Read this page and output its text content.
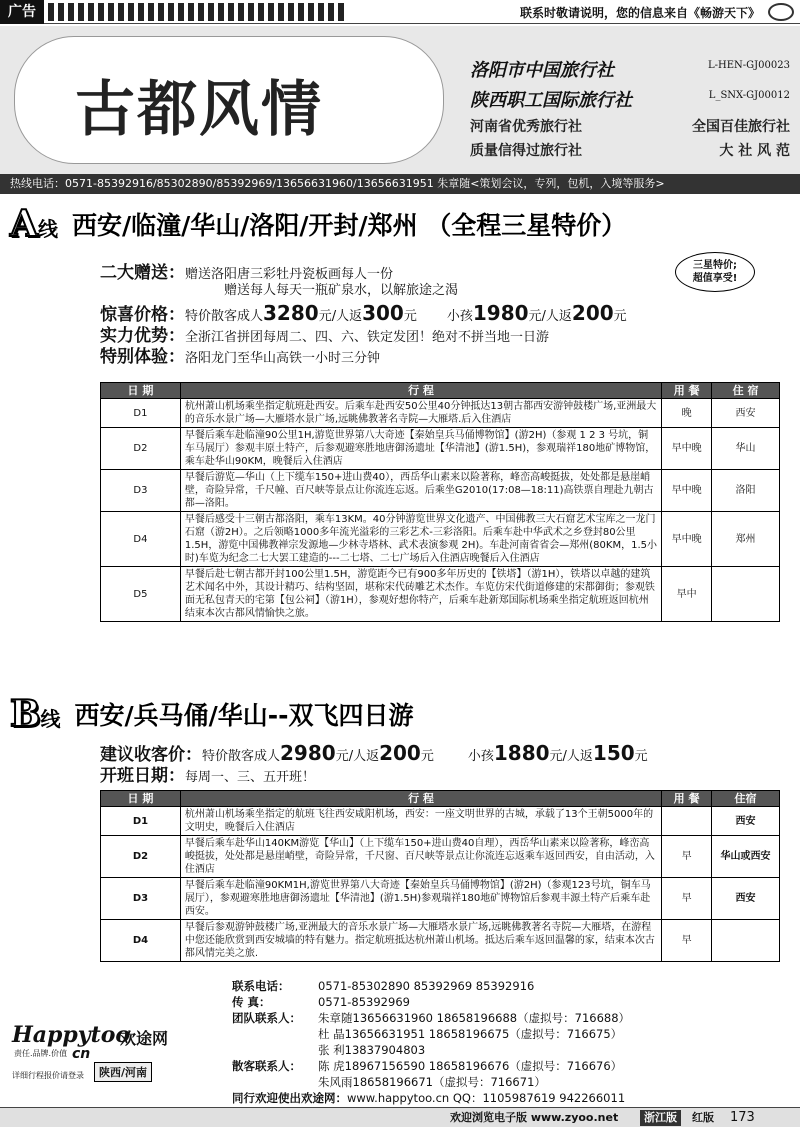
广告	联系时敬请说明，您的信息来自《畅游天下》
古都风情
洛阳市中国旅行社	L-HEN-GJ00023
陕西职工国际旅行社	L_SNX-GJ00012
河南省优秀旅行社	全国百佳旅行社
质量信得过旅行社	大 社 风 范
热线电话：0571-85392916/85302890/85392969/13656631960/13656631951 朱章随<策划会议，专列，包机，入境等服务>
A线 西安/临潼/华山/洛阳/开封/郑州 （全程三星特价）
三星特价;
超值享受!
二大赠送： 赠送洛阳唐三彩牡丹瓷板画每人一份
赠送每人每天一瓶矿泉水，以解旅途之渴
惊喜价格： 特价散客成人 3280 元/人返 300 元 小孩 1980 元/人返 200 元
实力优势： 全浙江省拼团每周二、四、六、铁定发团！绝对不拼当地一日游
特别体验： 洛阳龙门至华山高铁一小时三分钟
日 期	行 程	用 餐	住 宿
D1	杭州萧山机场乘坐指定航班赴西安。后乘车赴西安50公里40分钟抵达13朝古都西安游钟鼓楼广场,亚洲最大的音乐水景广场—大雁塔水景广场,远眺佛教著名寺院—大雁塔.后入住酒店	晚	西安
D2	早餐后乘车赴临潼90公里1H,游览世界第八大奇迹【秦始皇兵马俑博物馆】(游2H)（参观 1 2 3 号坑，铜车马展厅）参观丰原土特产，后参观避寒胜地唐御汤遗址【华清池】(游1.5H)，参观瑞祥180地矿博物馆，乘车赴华山90KM，晚餐后入住酒店	早中晚	华山
D3	早餐后游览—华山（上下缆车150+进山费40），西岳华山素来以险著称，峰峦高峻挺拔，处处都是悬崖峭壁，奇险异常，千尺幢、百尺峡等景点让你流连忘返。后乘坐G2010(17:08—18:11)高铁票自理赴九朝古都—洛阳。	早中晚	洛阳
D4	早餐后感受十三朝古都洛阳，乘车13KM。40分钟游览世界文化遗产、中国佛教三大石窟艺术宝库之一龙门石窟（游2H）。之后领略1000多年流光溢彩的三彩艺术-三彩洛阳。后乘车赴中华武术之乡登封80公里1.5H，游览中国佛教禅宗发源地—少林寺塔林、武术表演参观 2H)。车赴河南省省会—郑州(80KM，1.5小时)车览为纪念二七大罢工建造的---二七塔、二七广场后入住酒店晚餐后入住酒店	早中晚	郑州
D5	早餐后赴七朝古都开封100公里1.5H，游览距今已有900多年历史的【铁塔】（游1H），铁塔以卓越的建筑艺术闻名中外，其设计精巧、结构坚固，堪称宋代砖雕艺术杰作。车览仿宋代街道修建的宋都御街；参观铁面无私包青天的宅第【包公祠】（游1H），参观好想你特产，后乘车赴新郑国际机场乘坐指定航班返回杭州结束本次古都风情愉快之旅。	早中	
B线 西安/兵马俑/华山--双飞四日游
建议收客价： 特价散客成人 2980 元/人返 200 元	小孩 1880 元/人返 150 元
开班日期： 每周一、三、五开班！
日 期	行 程	用 餐	住宿
D1	杭州萧山机场乘坐指定的航班飞往西安咸阳机场，西安：一座文明世界的古城，承载了13个王朝5000年的文明史，晚餐后入住酒店		西安
D2	早餐后乘车赴华山140KM游览【华山】（上下缆车150+进山费40自理），西岳华山素来以险著称，峰峦高峻挺拔，处处都是悬崖峭壁，奇险异常，千尺窗、百尺峡等景点让你流连忘返乘车返回西安，自由活动，入住酒店	早	华山或西安
D3	早餐后乘车赴临潼90KM1H,游览世界第八大奇迹【秦始皇兵马俑博物馆】(游2H)（参观123号坑，铜车马展厅），参观避寒胜地唐御汤遗址【华清池】(游1.5H)参观瑞祥180地矿博物馆后参观丰源土特产后乘车赴西安。	早	西安
D4	早餐后参观游钟鼓楼广场,亚洲最大的音乐水景广场—大雁塔水景广场,远眺佛教著名寺院—大雁塔，在游程中您还能欣赏到西安城墙的特有魅力。指定航班抵达杭州萧山机场。抵达后乘车返回温馨的家，结束本次古都风情完美之旅.	早	
Happytoo
欢途网
cn
责任.品牌.价值
详细行程报价请登录	陕西/河南
联系电话：	0571-85302890 85392969 85392916
传 真：	0571-85392969
团队联系人：	朱章随13656631960 18658196688（虚拟号：716688）
杜 晶13656631951 18658196675（虚拟号：716675）
张 利13837904803
散客联系人：	陈 虎18967156590 18658196676（虚拟号：716676）
朱风雨18658196671（虚拟号：716671）
同行欢迎使出欢途网： www.happytoo.cn QQ：1105987619 942266011
欢迎浏览电子版 www.zyoo.net	浙江版	红版 173
